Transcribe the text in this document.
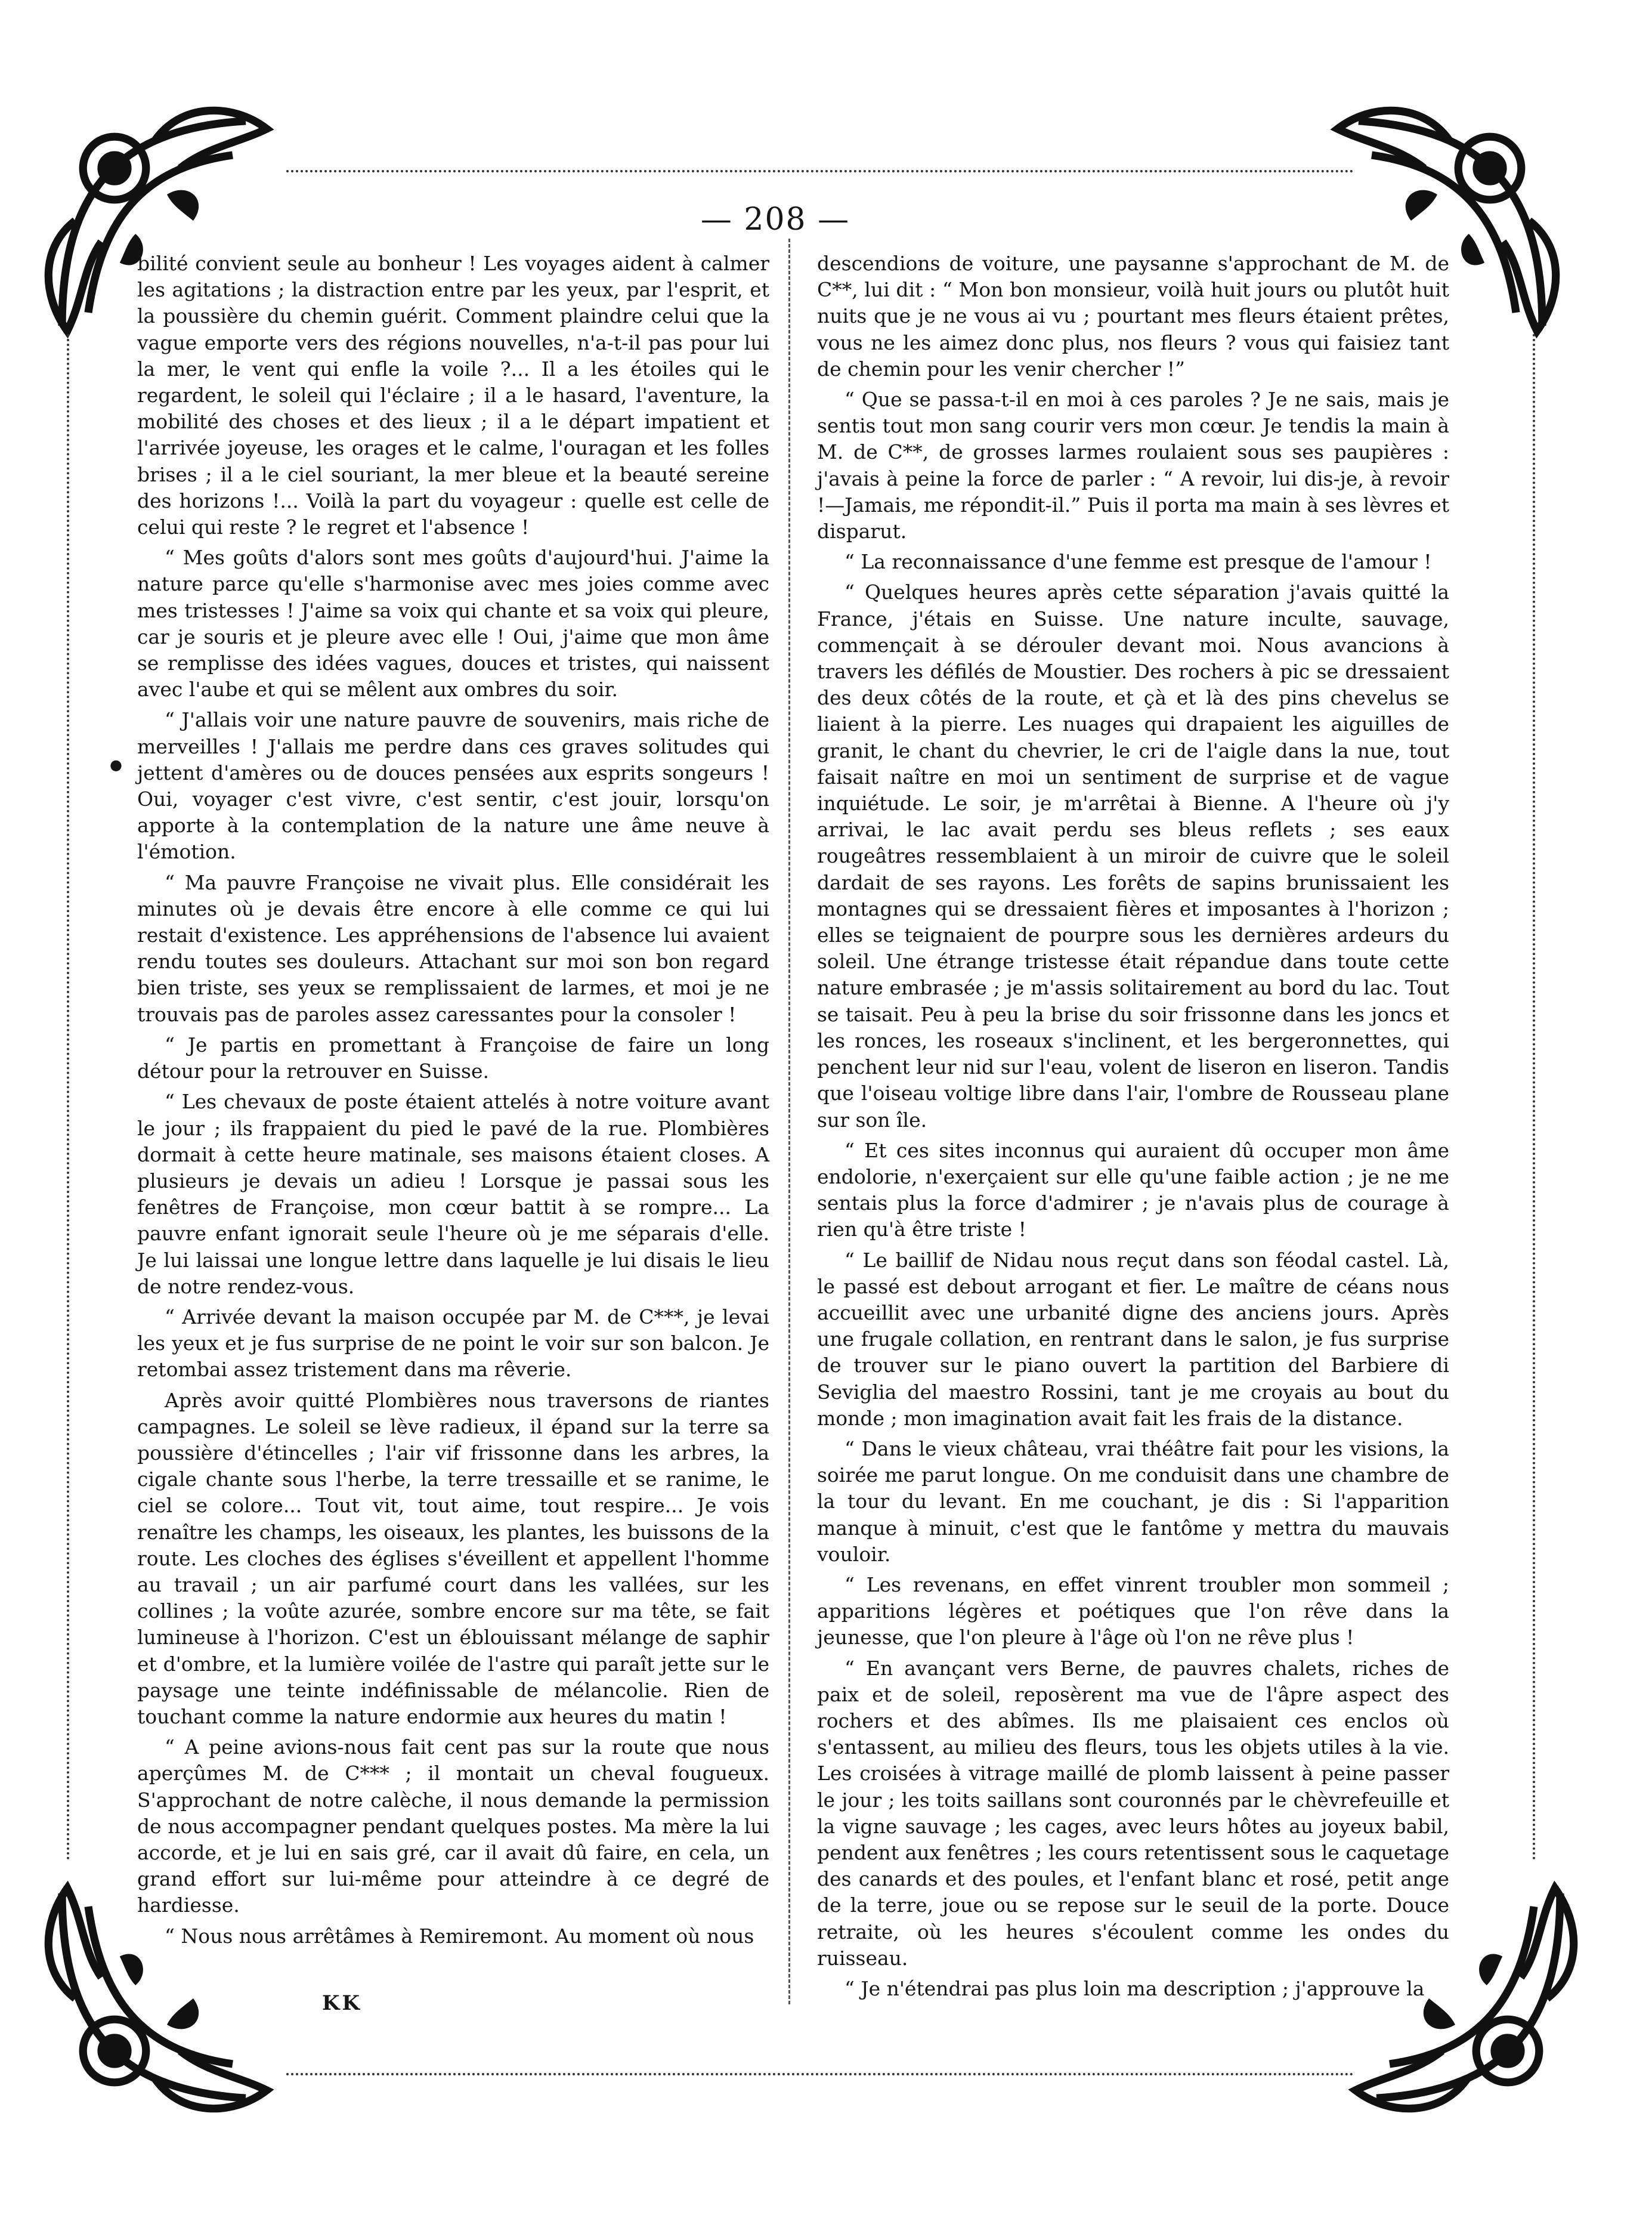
— 208 —
●

bilité convient seule au bonheur ! Les voyages aident à calmer les agitations ; la distraction entre par les yeux, par l'esprit, et la poussière du chemin guérit. Comment plaindre celui que la vague emporte vers des régions nouvelles, n'a-t-il pas pour lui la mer, le vent qui enfle la voile ?... Il a les étoiles qui le regardent, le soleil qui l'éclaire ; il a le hasard, l'aventure, la mobilité des choses et des lieux ; il a le départ impatient et l'arrivée joyeuse, les orages et le calme, l'ouragan et les folles brises ; il a le ciel souriant, la mer bleue et la beauté sereine des horizons !... Voilà la part du voyageur : quelle est celle de celui qui reste ? le regret et l'absence !

“ Mes goûts d'alors sont mes goûts d'aujourd'hui. J'aime la nature parce qu'elle s'harmonise avec mes joies comme avec mes tristesses ! J'aime sa voix qui chante et sa voix qui pleure, car je souris et je pleure avec elle ! Oui, j'aime que mon âme se remplisse des idées vagues, douces et tristes, qui naissent avec l'aube et qui se mêlent aux ombres du soir.

“ J'allais voir une nature pauvre de souvenirs, mais riche de merveilles ! J'allais me perdre dans ces graves solitudes qui jettent d'amères ou de douces pensées aux esprits songeurs ! Oui, voyager c'est vivre, c'est sentir, c'est jouir, lorsqu'on apporte à la contemplation de la nature une âme neuve à l'émotion.

“ Ma pauvre Françoise ne vivait plus. Elle considérait les minutes où je devais être encore à elle comme ce qui lui restait d'existence. Les appréhensions de l'absence lui avaient rendu toutes ses douleurs. Attachant sur moi son bon regard bien triste, ses yeux se remplissaient de larmes, et moi je ne trouvais pas de paroles assez caressantes pour la consoler !

“ Je partis en promettant à Françoise de faire un long détour pour la retrouver en Suisse.

“ Les chevaux de poste étaient attelés à notre voiture avant le jour ; ils frappaient du pied le pavé de la rue. Plombières dormait à cette heure matinale, ses maisons étaient closes. A plusieurs je devais un adieu ! Lorsque je passai sous les fenêtres de Françoise, mon cœur battit à se rompre... La pauvre enfant ignorait seule l'heure où je me séparais d'elle. Je lui laissai une longue lettre dans laquelle je lui disais le lieu de notre rendez-vous.

“ Arrivée devant la maison occupée par M. de C***, je levai les yeux et je fus surprise de ne point le voir sur son balcon. Je retombai assez tristement dans ma rêverie.

Après avoir quitté Plombières nous traversons de riantes campagnes. Le soleil se lève radieux, il épand sur la terre sa poussière d'étincelles ; l'air vif frissonne dans les arbres, la cigale chante sous l'herbe, la terre tressaille et se ranime, le ciel se colore... Tout vit, tout aime, tout respire... Je vois renaître les champs, les oiseaux, les plantes, les buissons de la route. Les cloches des églises s'éveillent et appellent l'homme au travail ; un air parfumé court dans les vallées, sur les collines ; la voûte azurée, sombre encore sur ma tête, se fait lumineuse à l'horizon. C'est un éblouissant mélange de saphir et d'ombre, et la lumière voilée de l'astre qui paraît jette sur le paysage une teinte indéfinissable de mélancolie. Rien de touchant comme la nature endormie aux heures du matin !

“ A peine avions-nous fait cent pas sur la route que nous aperçûmes M. de C*** ; il montait un cheval fougueux. S'approchant de notre calèche, il nous demande la permission de nous accompagner pendant quelques postes. Ma mère la lui accorde, et je lui en sais gré, car il avait dû faire, en cela, un grand effort sur lui-même pour atteindre à ce degré de hardiesse.

“ Nous nous arrêtâmes à Remiremont. Au moment où nous

descendions de voiture, une paysanne s'approchant de M. de C**, lui dit : “ Mon bon monsieur, voilà huit jours ou plutôt huit nuits que je ne vous ai vu ; pourtant mes fleurs étaient prêtes, vous ne les aimez donc plus, nos fleurs ? vous qui faisiez tant de chemin pour les venir chercher !”

“ Que se passa-t-il en moi à ces paroles ? Je ne sais, mais je sentis tout mon sang courir vers mon cœur. Je tendis la main à M. de C**, de grosses larmes roulaient sous ses paupières : j'avais à peine la force de parler : “ A revoir, lui dis-je, à revoir !—Jamais, me répondit-il.” Puis il porta ma main à ses lèvres et disparut.

“ La reconnaissance d'une femme est presque de l'amour !

“ Quelques heures après cette séparation j'avais quitté la France, j'étais en Suisse. Une nature inculte, sauvage, commençait à se dérouler devant moi. Nous avancions à travers les défilés de Moustier. Des rochers à pic se dressaient des deux côtés de la route, et çà et là des pins chevelus se liaient à la pierre. Les nuages qui drapaient les aiguilles de granit, le chant du chevrier, le cri de l'aigle dans la nue, tout faisait naître en moi un sentiment de surprise et de vague inquiétude. Le soir, je m'arrêtai à Bienne. A l'heure où j'y arrivai, le lac avait perdu ses bleus reflets ; ses eaux rougeâtres ressemblaient à un miroir de cuivre que le soleil dardait de ses rayons. Les forêts de sapins brunissaient les montagnes qui se dressaient fières et imposantes à l'horizon ; elles se teignaient de pourpre sous les dernières ardeurs du soleil. Une étrange tristesse était répandue dans toute cette nature embrasée ; je m'assis solitairement au bord du lac. Tout se taisait. Peu à peu la brise du soir frissonne dans les joncs et les ronces, les roseaux s'inclinent, et les bergeronnettes, qui penchent leur nid sur l'eau, volent de liseron en liseron. Tandis que l'oiseau voltige libre dans l'air, l'ombre de Rousseau plane sur son île.

“ Et ces sites inconnus qui auraient dû occuper mon âme endolorie, n'exerçaient sur elle qu'une faible action ; je ne me sentais plus la force d'admirer ; je n'avais plus de courage à rien qu'à être triste !

“ Le baillif de Nidau nous reçut dans son féodal castel. Là, le passé est debout arrogant et fier. Le maître de céans nous accueillit avec une urbanité digne des anciens jours. Après une frugale collation, en rentrant dans le salon, je fus surprise de trouver sur le piano ouvert la partition del Barbiere di Seviglia del maestro Rossini, tant je me croyais au bout du monde ; mon imagination avait fait les frais de la distance.

“ Dans le vieux château, vrai théâtre fait pour les visions, la soirée me parut longue. On me conduisit dans une chambre de la tour du levant. En me couchant, je dis : Si l'apparition manque à minuit, c'est que le fantôme y mettra du mauvais vouloir.

“ Les revenans, en effet vinrent troubler mon sommeil ; apparitions légères et poétiques que l'on rêve dans la jeunesse, que l'on pleure à l'âge où l'on ne rêve plus !

“ En avançant vers Berne, de pauvres chalets, riches de paix et de soleil, reposèrent ma vue de l'âpre aspect des rochers et des abîmes. Ils me plaisaient ces enclos où s'entassent, au milieu des fleurs, tous les objets utiles à la vie. Les croisées à vitrage maillé de plomb laissent à peine passer le jour ; les toits saillans sont couronnés par le chèvrefeuille et la vigne sauvage ; les cages, avec leurs hôtes au joyeux babil, pendent aux fenêtres ; les cours retentissent sous le caquetage des canards et des poules, et l'enfant blanc et rosé, petit ange de la terre, joue ou se repose sur le seuil de la porte. Douce retraite, où les heures s'écoulent comme les ondes du ruisseau.

“ Je n'étendrai pas plus loin ma description ; j'approuve la

KK
